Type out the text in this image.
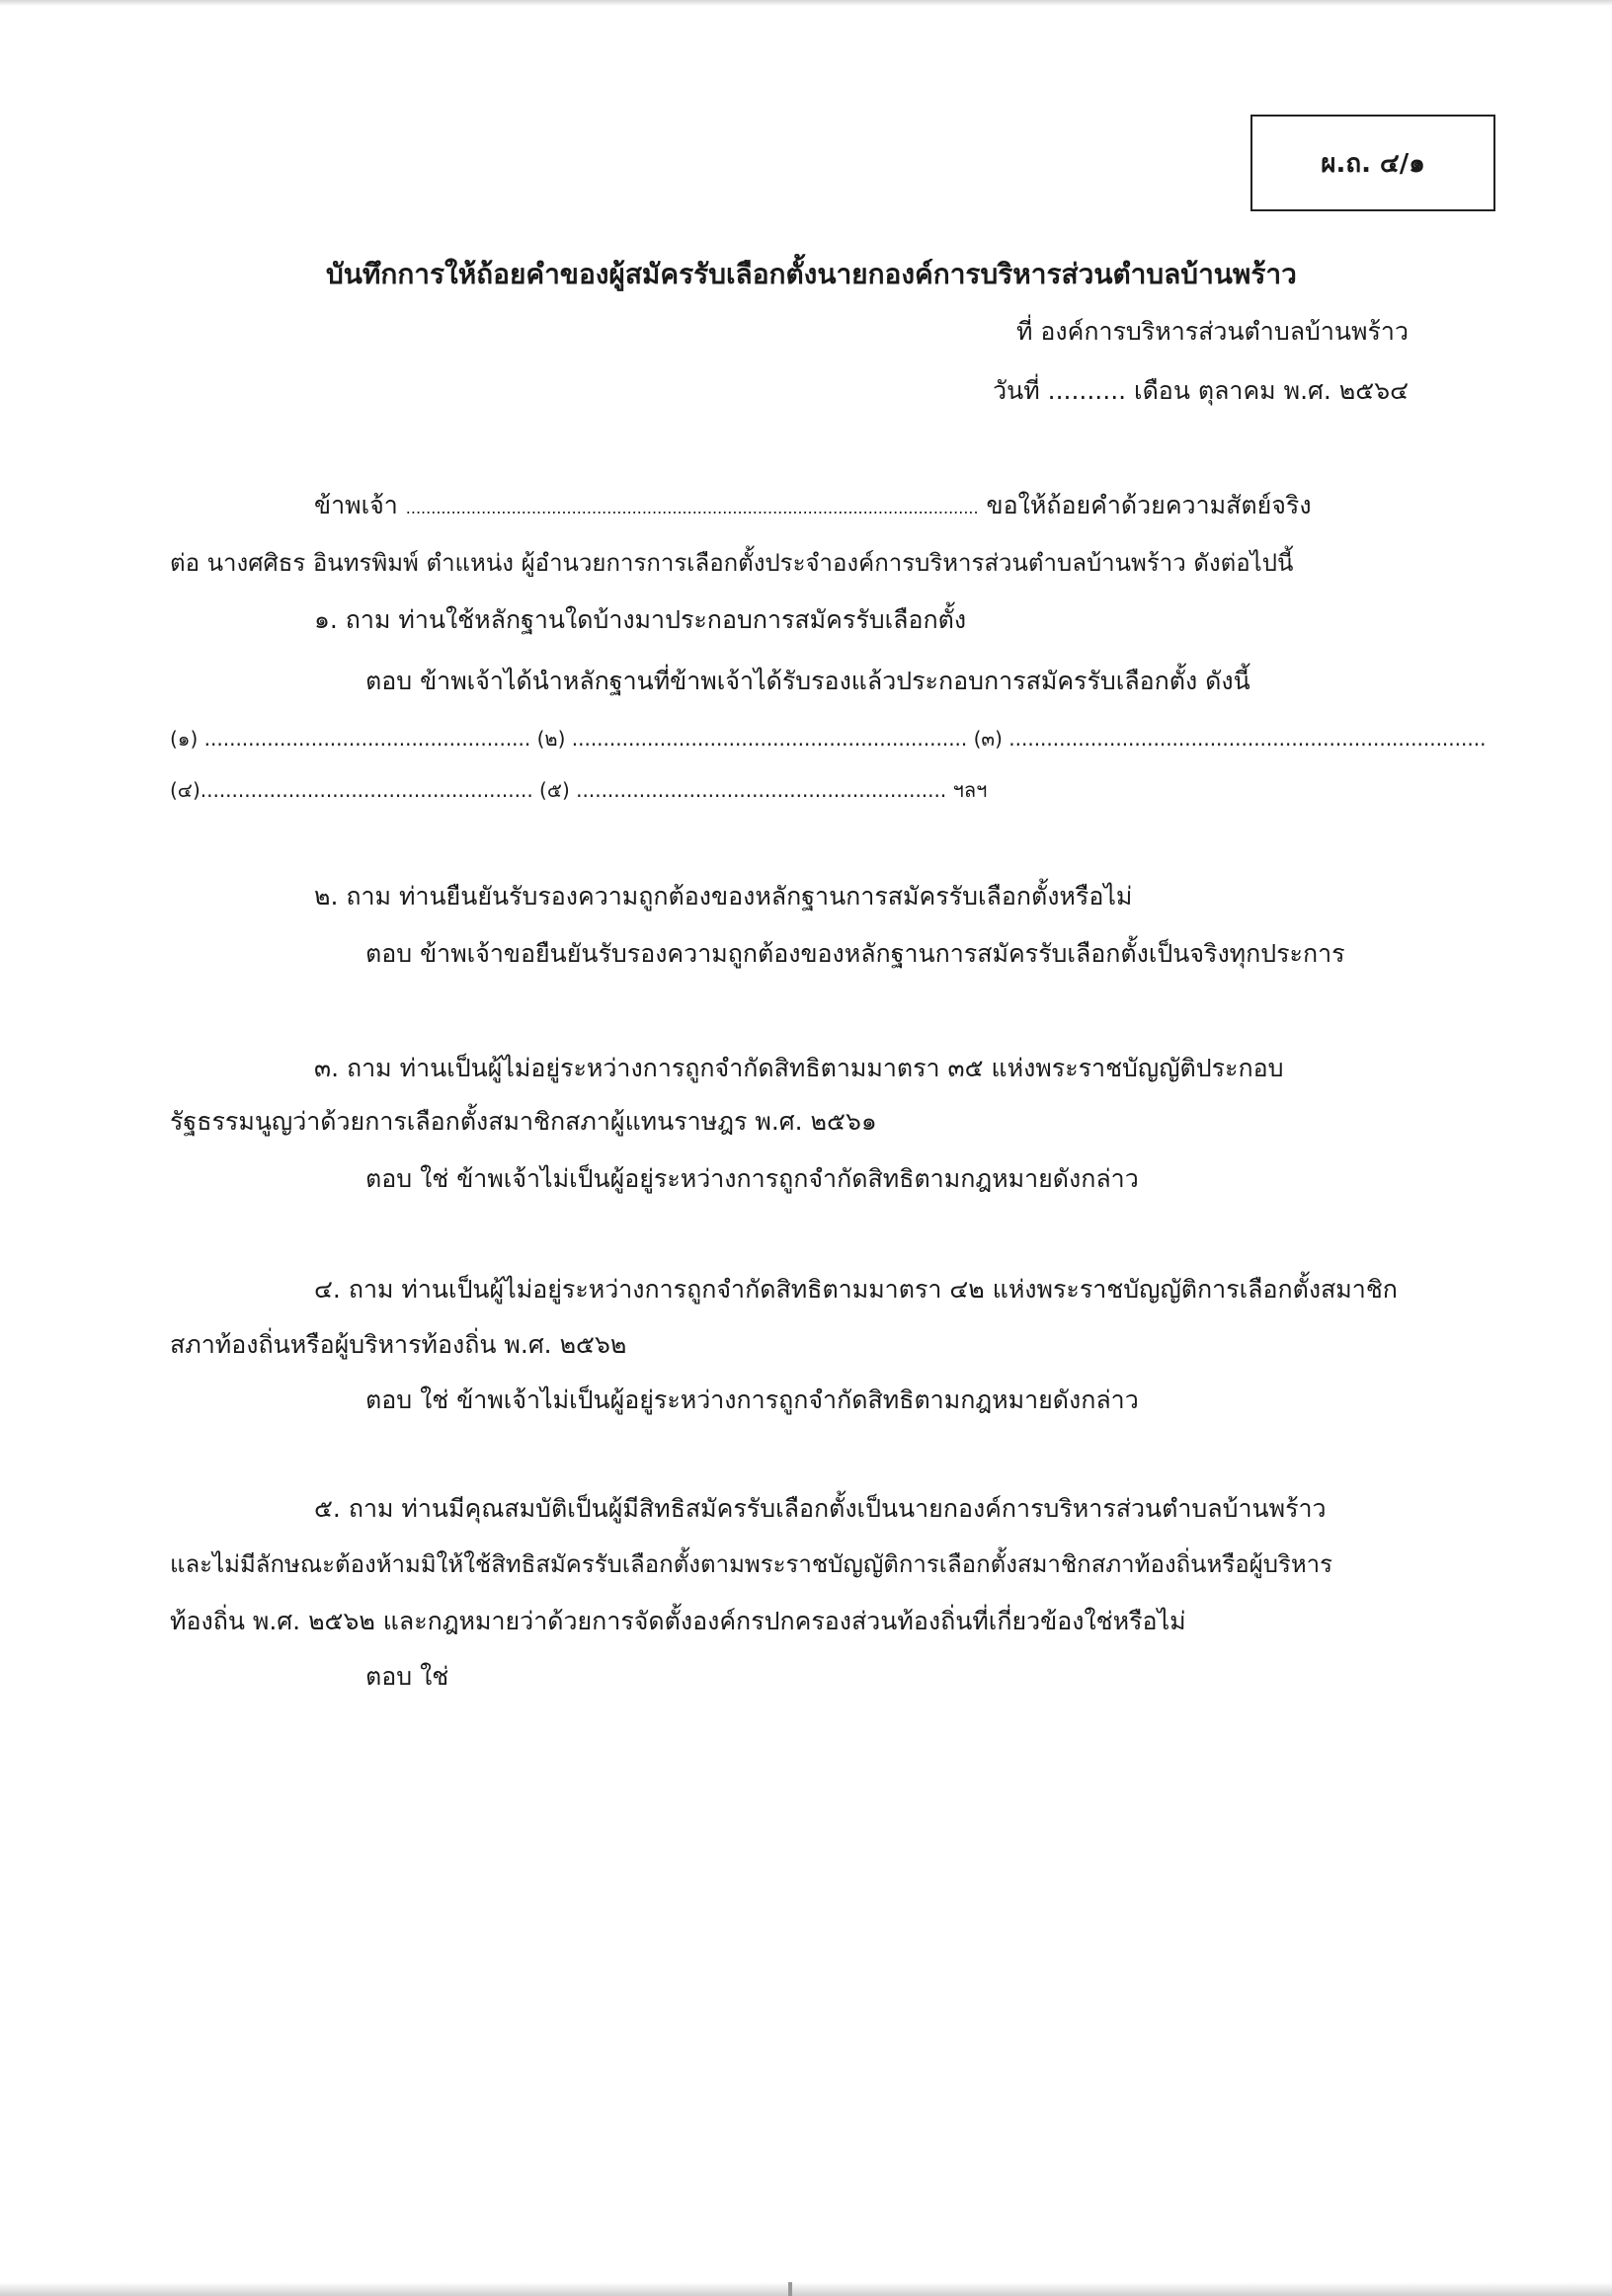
ผ.ถ. ๔/๑
บันทึกการให้ถ้อยคำของผู้สมัครรับเลือกตั้งนายกองค์การบริหารส่วนตำบลบ้านพร้าว
ที่ องค์การบริหารส่วนตำบลบ้านพร้าว
วันที่ .......... เดือน ตุลาคม พ.ศ. ๒๕๖๔
ข้าพเจ้า .................................................................................................................. ขอให้ถ้อยคำด้วยความสัตย์จริง
ต่อ นางศศิธร อินทรพิมพ์ ตำแหน่ง ผู้อำนวยการการเลือกตั้งประจำองค์การบริหารส่วนตำบลบ้านพร้าว ดังต่อไปนี้
๑. ถาม ท่านใช้หลักฐานใดบ้างมาประกอบการสมัครรับเลือกตั้ง
ตอบ ข้าพเจ้าได้นำหลักฐานที่ข้าพเจ้าได้รับรองแล้วประกอบการสมัครรับเลือกตั้ง ดังนี้
(๑) .................................................... (๒) ............................................................... (๓) ............................................................................
(๔)..................................................... (๕) ........................................................... ฯลฯ
๒. ถาม ท่านยืนยันรับรองความถูกต้องของหลักฐานการสมัครรับเลือกตั้งหรือไม่
ตอบ ข้าพเจ้าขอยืนยันรับรองความถูกต้องของหลักฐานการสมัครรับเลือกตั้งเป็นจริงทุกประการ
๓. ถาม ท่านเป็นผู้ไม่อยู่ระหว่างการถูกจำกัดสิทธิตามมาตรา ๓๕ แห่งพระราชบัญญัติประกอบ
รัฐธรรมนูญว่าด้วยการเลือกตั้งสมาชิกสภาผู้แทนราษฎร พ.ศ. ๒๕๖๑
ตอบ ใช่ ข้าพเจ้าไม่เป็นผู้อยู่ระหว่างการถูกจำกัดสิทธิตามกฎหมายดังกล่าว
๔. ถาม ท่านเป็นผู้ไม่อยู่ระหว่างการถูกจำกัดสิทธิตามมาตรา ๔๒ แห่งพระราชบัญญัติการเลือกตั้งสมาชิก
สภาท้องถิ่นหรือผู้บริหารท้องถิ่น พ.ศ. ๒๕๖๒
ตอบ ใช่ ข้าพเจ้าไม่เป็นผู้อยู่ระหว่างการถูกจำกัดสิทธิตามกฎหมายดังกล่าว
๕. ถาม ท่านมีคุณสมบัติเป็นผู้มีสิทธิสมัครรับเลือกตั้งเป็นนายกองค์การบริหารส่วนตำบลบ้านพร้าว
และไม่มีลักษณะต้องห้ามมิให้ใช้สิทธิสมัครรับเลือกตั้งตามพระราชบัญญัติการเลือกตั้งสมาชิกสภาท้องถิ่นหรือผู้บริหาร
ท้องถิ่น พ.ศ. ๒๕๖๒ และกฎหมายว่าด้วยการจัดตั้งองค์กรปกครองส่วนท้องถิ่นที่เกี่ยวข้องใช่หรือไม่
ตอบ ใช่
